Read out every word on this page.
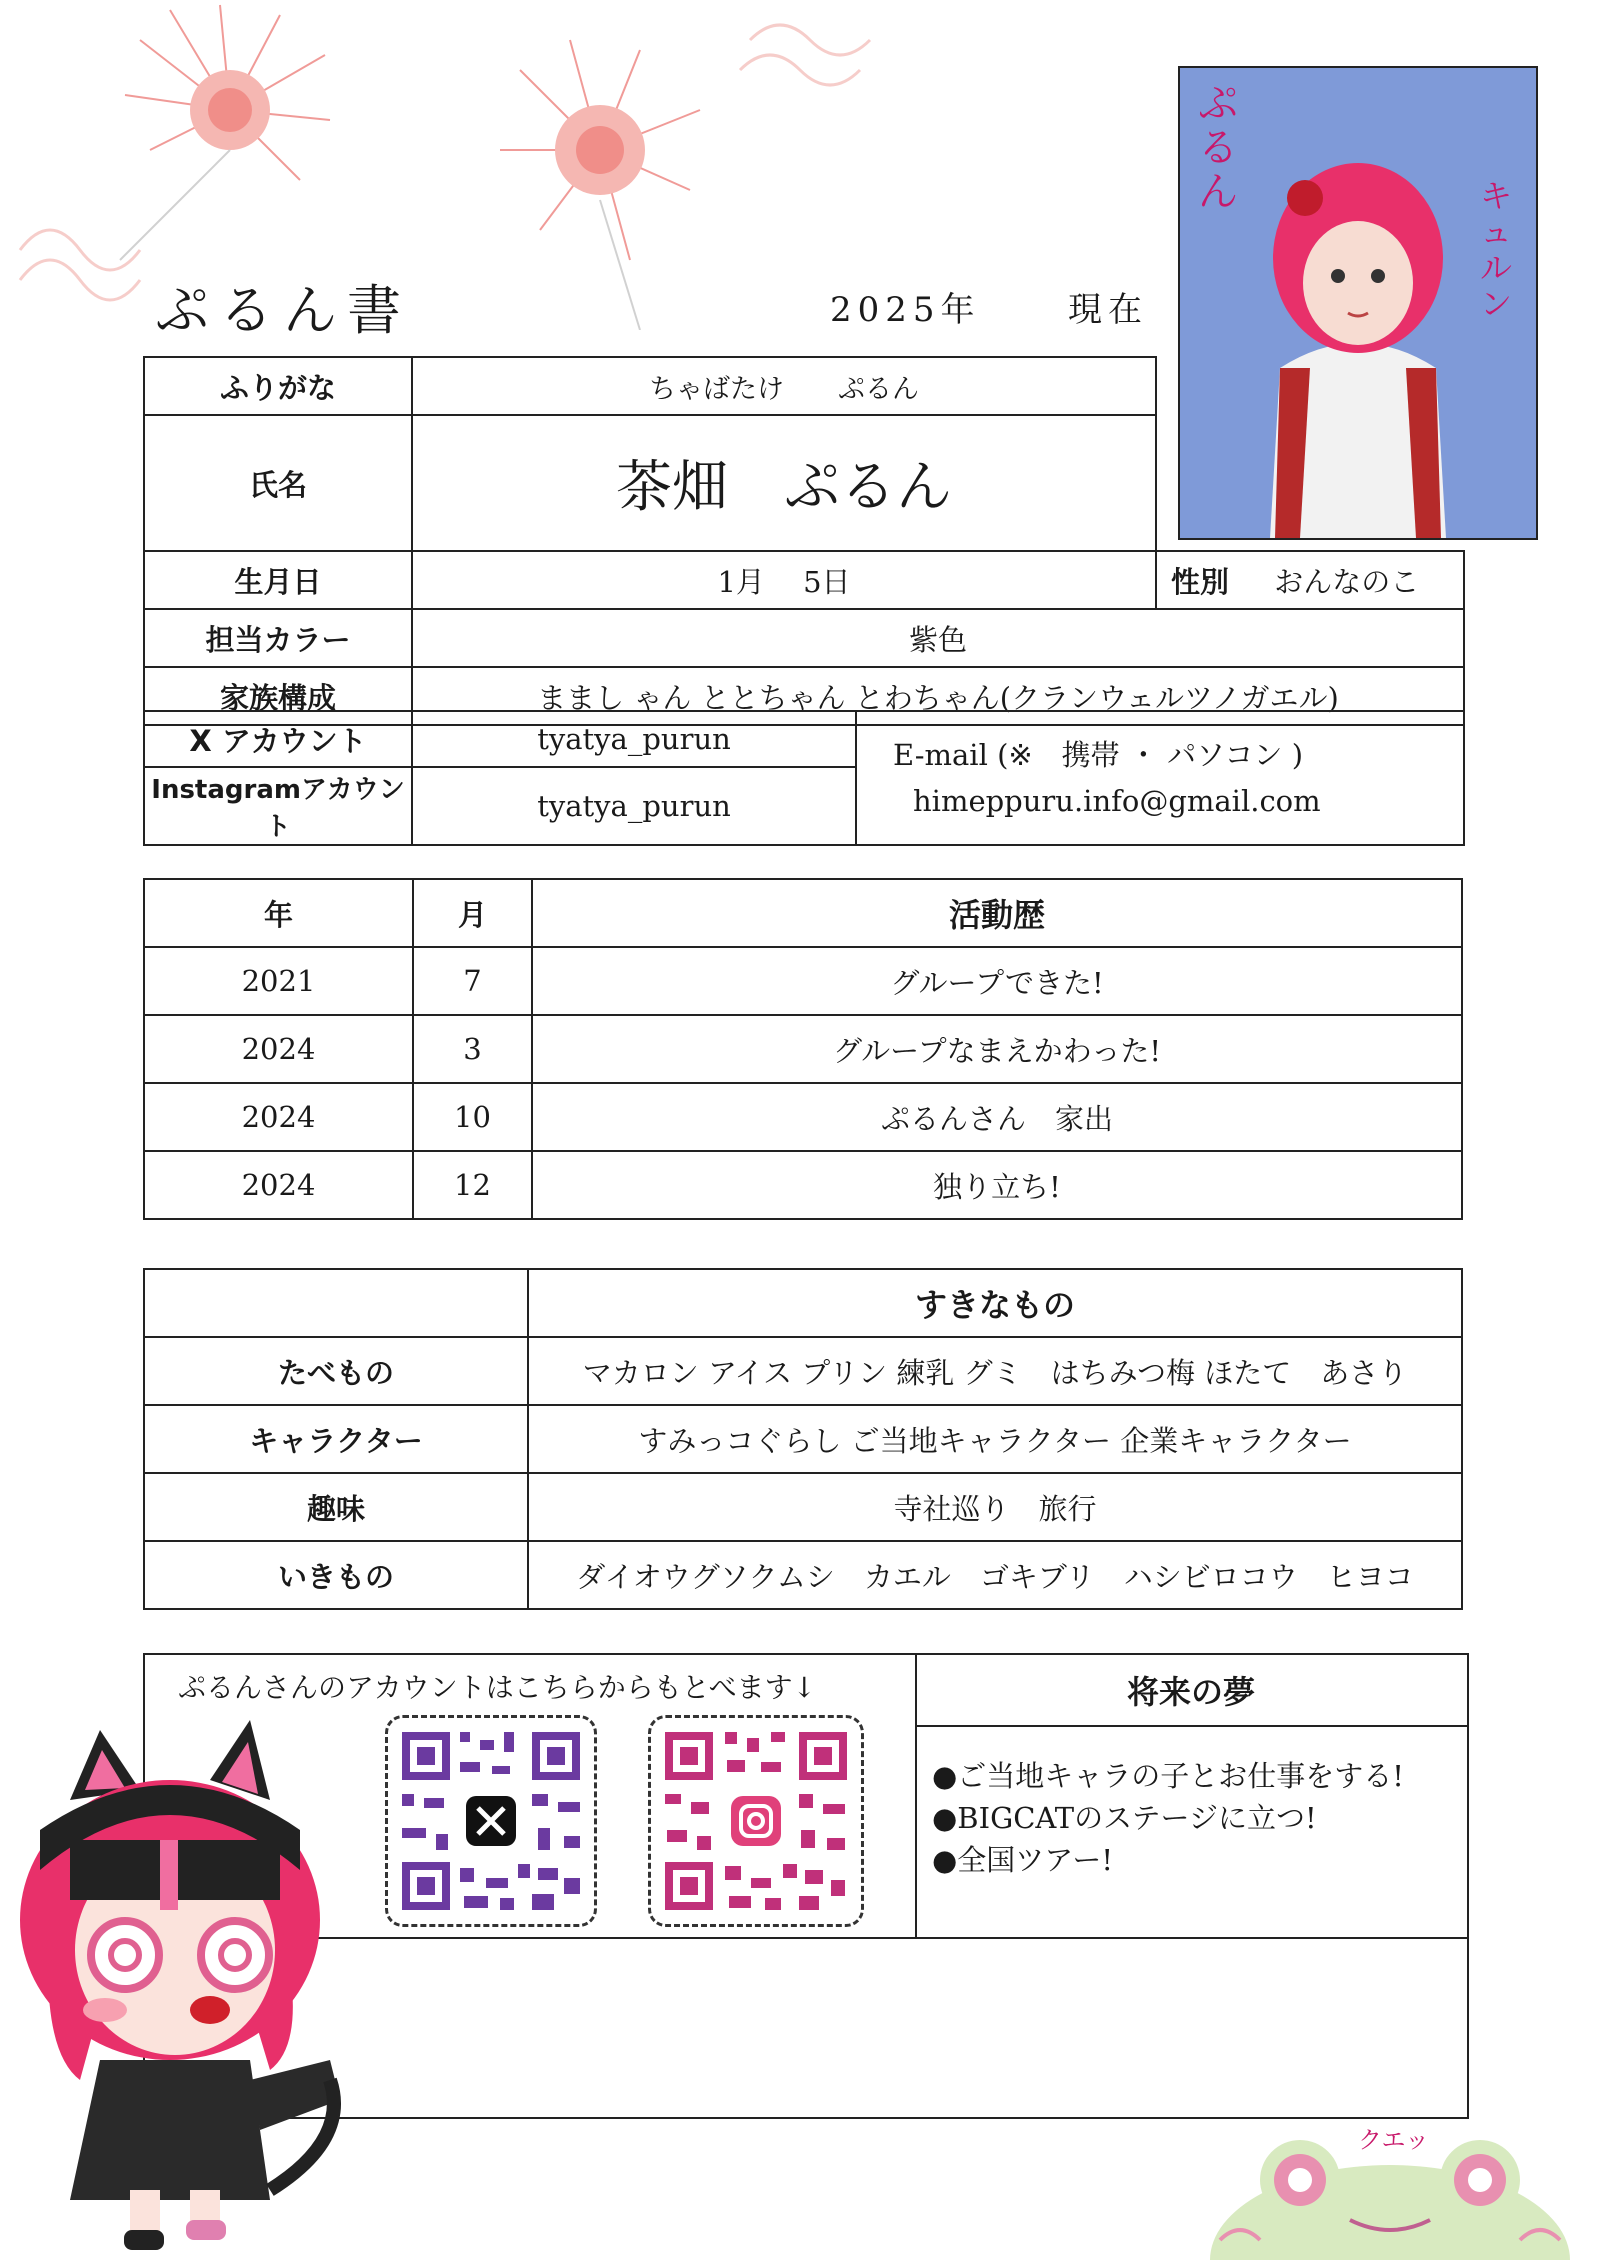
ぷるん書	2025年	現在
ぷるん	キュルン
ふりがな	ちゃばたけ　　ぷるん	
氏名	茶畑　ぷるん	
生月日	1月　 5日	性別 おんなのこ
担当カラー	紫色	
家族構成	ままし ゃん ととちゃん とわちゃん(クランウェルツノガエル)	
X アカウント	tyatya_purun	E-mail (※　携帯 ・ パソコン )
himeppuru.info@gmail.com

Instagramアカウント	tyatya_purun	
年	月	活動歴
2021	7	グループできた!
2024	3	グループなまえかわった!
2024	10	ぷるんさん　家出
2024	12	独り立ち!
	すきなもの
たべもの	マカロン アイス プリン 練乳 グミ　はちみつ梅 ほたて　あさり
キャラクター	すみっコぐらし ご当地キャラクター 企業キャラクター
趣味	寺社巡り　旅行
いきもの	ダイオウグソクムシ　カエル　ゴキブリ　ハシビロコウ　ヒヨコ
ぷるんさんのアカウントはこちらからもとべます↓	将来の夢
●ご当地キャラの子とお仕事をする!
●BIGCATのステージに立つ!
●全国ツアー!
クエッ
